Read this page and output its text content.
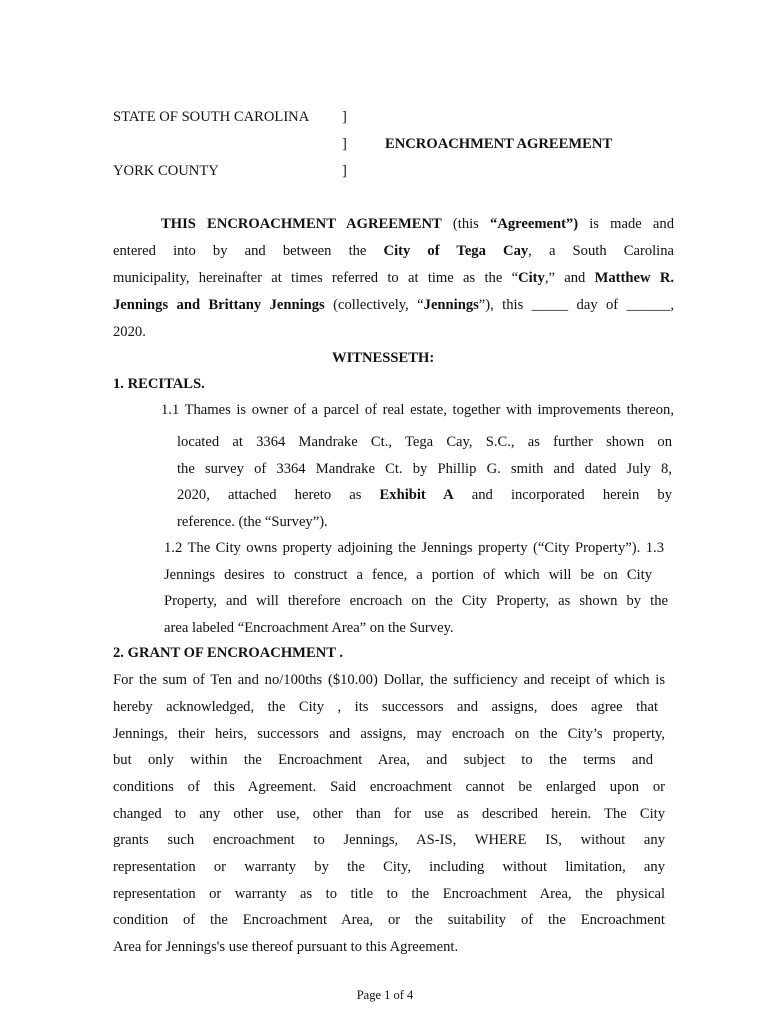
STATE OF SOUTH CAROLINA ]
]	ENCROACHMENT AGREEMENT
YORK COUNTY	]
THIS ENCROACHMENT AGREEMENT (this “Agreement”) is made and
entered into by and between the City of Tega Cay, a South Carolina
municipality, hereinafter at times referred to at time as the “City,” and Matthew R.
Jennings and Brittany Jennings (collectively, “Jennings”), this _____ day of ______,
2020.
WITNESSETH:
1. RECITALS.
1.1 Thames is owner of a parcel of real estate, together with improvements thereon,
located at 3364 Mandrake Ct., Tega Cay, S.C., as further shown on
the survey of 3364 Mandrake Ct. by Phillip G. smith and dated July 8,
2020, attached hereto as Exhibit A and incorporated herein by
reference. (the “Survey”).
1.2 The City owns property adjoining the Jennings property (“City Property”). 1.3
Jennings desires to construct a fence, a portion of which will be on City
Property, and will therefore encroach on the City Property, as shown by the
area labeled “Encroachment Area” on the Survey.
2. GRANT OF ENCROACHMENT .
For the sum of Ten and no/100ths ($10.00) Dollar, the sufficiency and receipt of which is
hereby acknowledged, the City , its successors and assigns, does agree that
Jennings, their heirs, successors and assigns, may encroach on the City’s property,
but only within the Encroachment Area, and subject to the terms and
conditions of this Agreement. Said encroachment cannot be enlarged upon or
changed to any other use, other than for use as described herein. The City
grants such encroachment to Jennings, AS-IS, WHERE IS, without any
representation or warranty by the City, including without limitation, any
representation or warranty as to title to the Encroachment Area, the physical
condition of the Encroachment Area, or the suitability of the Encroachment
Area for Jennings's use thereof pursuant to this Agreement.
Page 1 of 4
